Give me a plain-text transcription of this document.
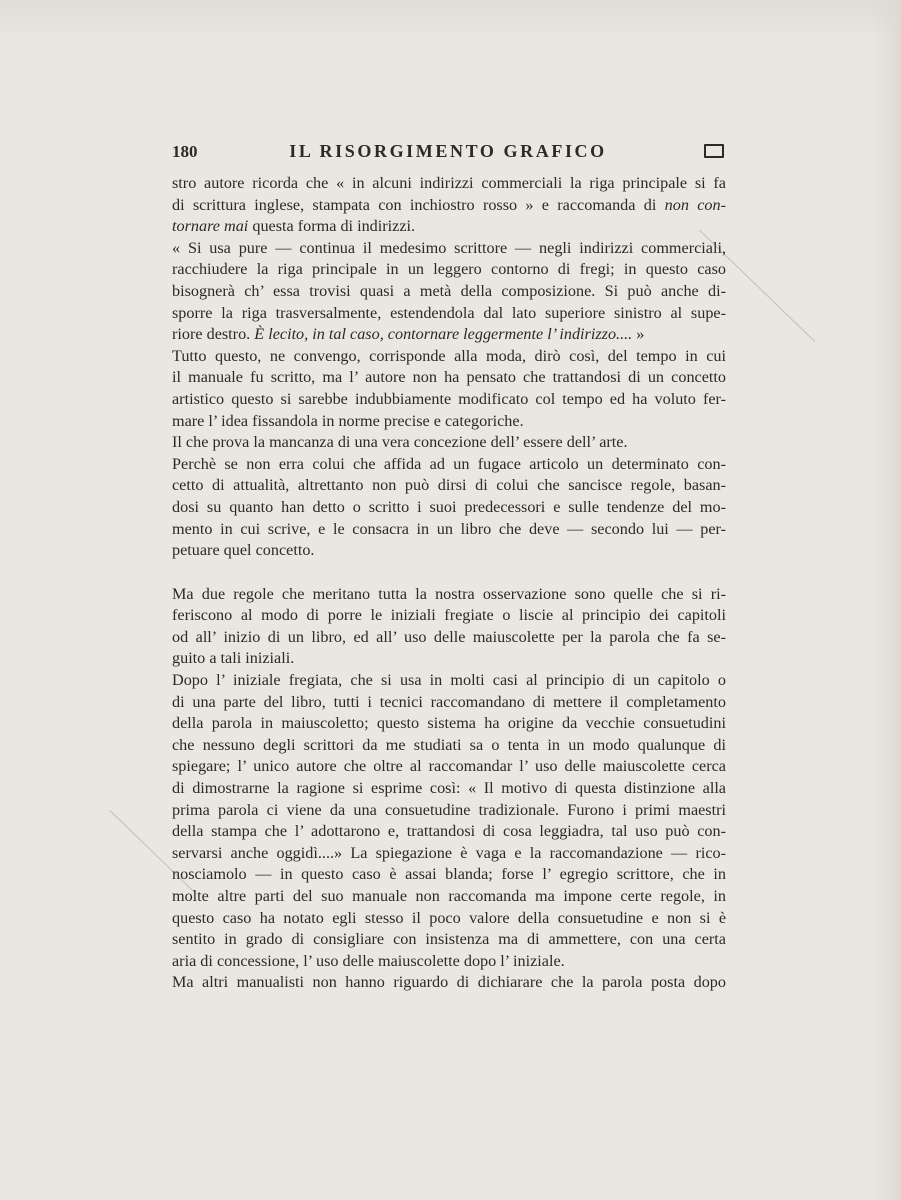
180	IL RISORGIMENTO GRAFICO
stro autore ricorda che « in alcuni indirizzi commerciali la riga principale si fa
di scrittura inglese, stampata con inchiostro rosso » e raccomanda di non con-
tornare mai questa forma di indirizzi.
« Si usa pure — continua il medesimo scrittore — negli indirizzi commerciali,
racchiudere la riga principale in un leggero contorno di fregi; in questo caso
bisognerà ch’ essa trovisi quasi a metà della composizione. Si può anche di-
sporre la riga trasversalmente, estendendola dal lato superiore sinistro al supe-
riore destro. È lecito, in tal caso, contornare leggermente l’ indirizzo.... »
Tutto questo, ne convengo, corrisponde alla moda, dirò così, del tempo in cui
il manuale fu scritto, ma l’ autore non ha pensato che trattandosi di un concetto
artistico questo si sarebbe indubbiamente modificato col tempo ed ha voluto fer-
mare l’ idea fissandola in norme precise e categoriche.
Il che prova la mancanza di una vera concezione dell’ essere dell’ arte.
Perchè se non erra colui che affida ad un fugace articolo un determinato con-
cetto di attualità, altrettanto non può dirsi di colui che sancisce regole, basan-
dosi su quanto han detto o scritto i suoi predecessori e sulle tendenze del mo-
mento in cui scrive, e le consacra in un libro che deve — secondo lui — per-
petuare quel concetto.
Ma due regole che meritano tutta la nostra osservazione sono quelle che si ri-
feriscono al modo di porre le iniziali fregiate o liscie al principio dei capitoli
od all’ inizio di un libro, ed all’ uso delle maiuscolette per la parola che fa se-
guito a tali iniziali.
Dopo l’ iniziale fregiata, che si usa in molti casi al principio di un capitolo o
di una parte del libro, tutti i tecnici raccomandano di mettere il completamento
della parola in maiuscoletto; questo sistema ha origine da vecchie consuetudini
che nessuno degli scrittori da me studiati sa o tenta in un modo qualunque di
spiegare; l’ unico autore che oltre al raccomandar l’ uso delle maiuscolette cerca
di dimostrarne la ragione si esprime così: « Il motivo di questa distinzione alla
prima parola ci viene da una consuetudine tradizionale. Furono i primi maestri
della stampa che l’ adottarono e, trattandosi di cosa leggiadra, tal uso può con-
servarsi anche oggidì....» La spiegazione è vaga e la raccomandazione — rico-
nosciamolo — in questo caso è assai blanda; forse l’ egregio scrittore, che in
molte altre parti del suo manuale non raccomanda ma impone certe regole, in
questo caso ha notato egli stesso il poco valore della consuetudine e non si è
sentito in grado di consigliare con insistenza ma di ammettere, con una certa
aria di concessione, l’ uso delle maiuscolette dopo l’ iniziale.
Ma altri manualisti non hanno riguardo di dichiarare che la parola posta dopo
